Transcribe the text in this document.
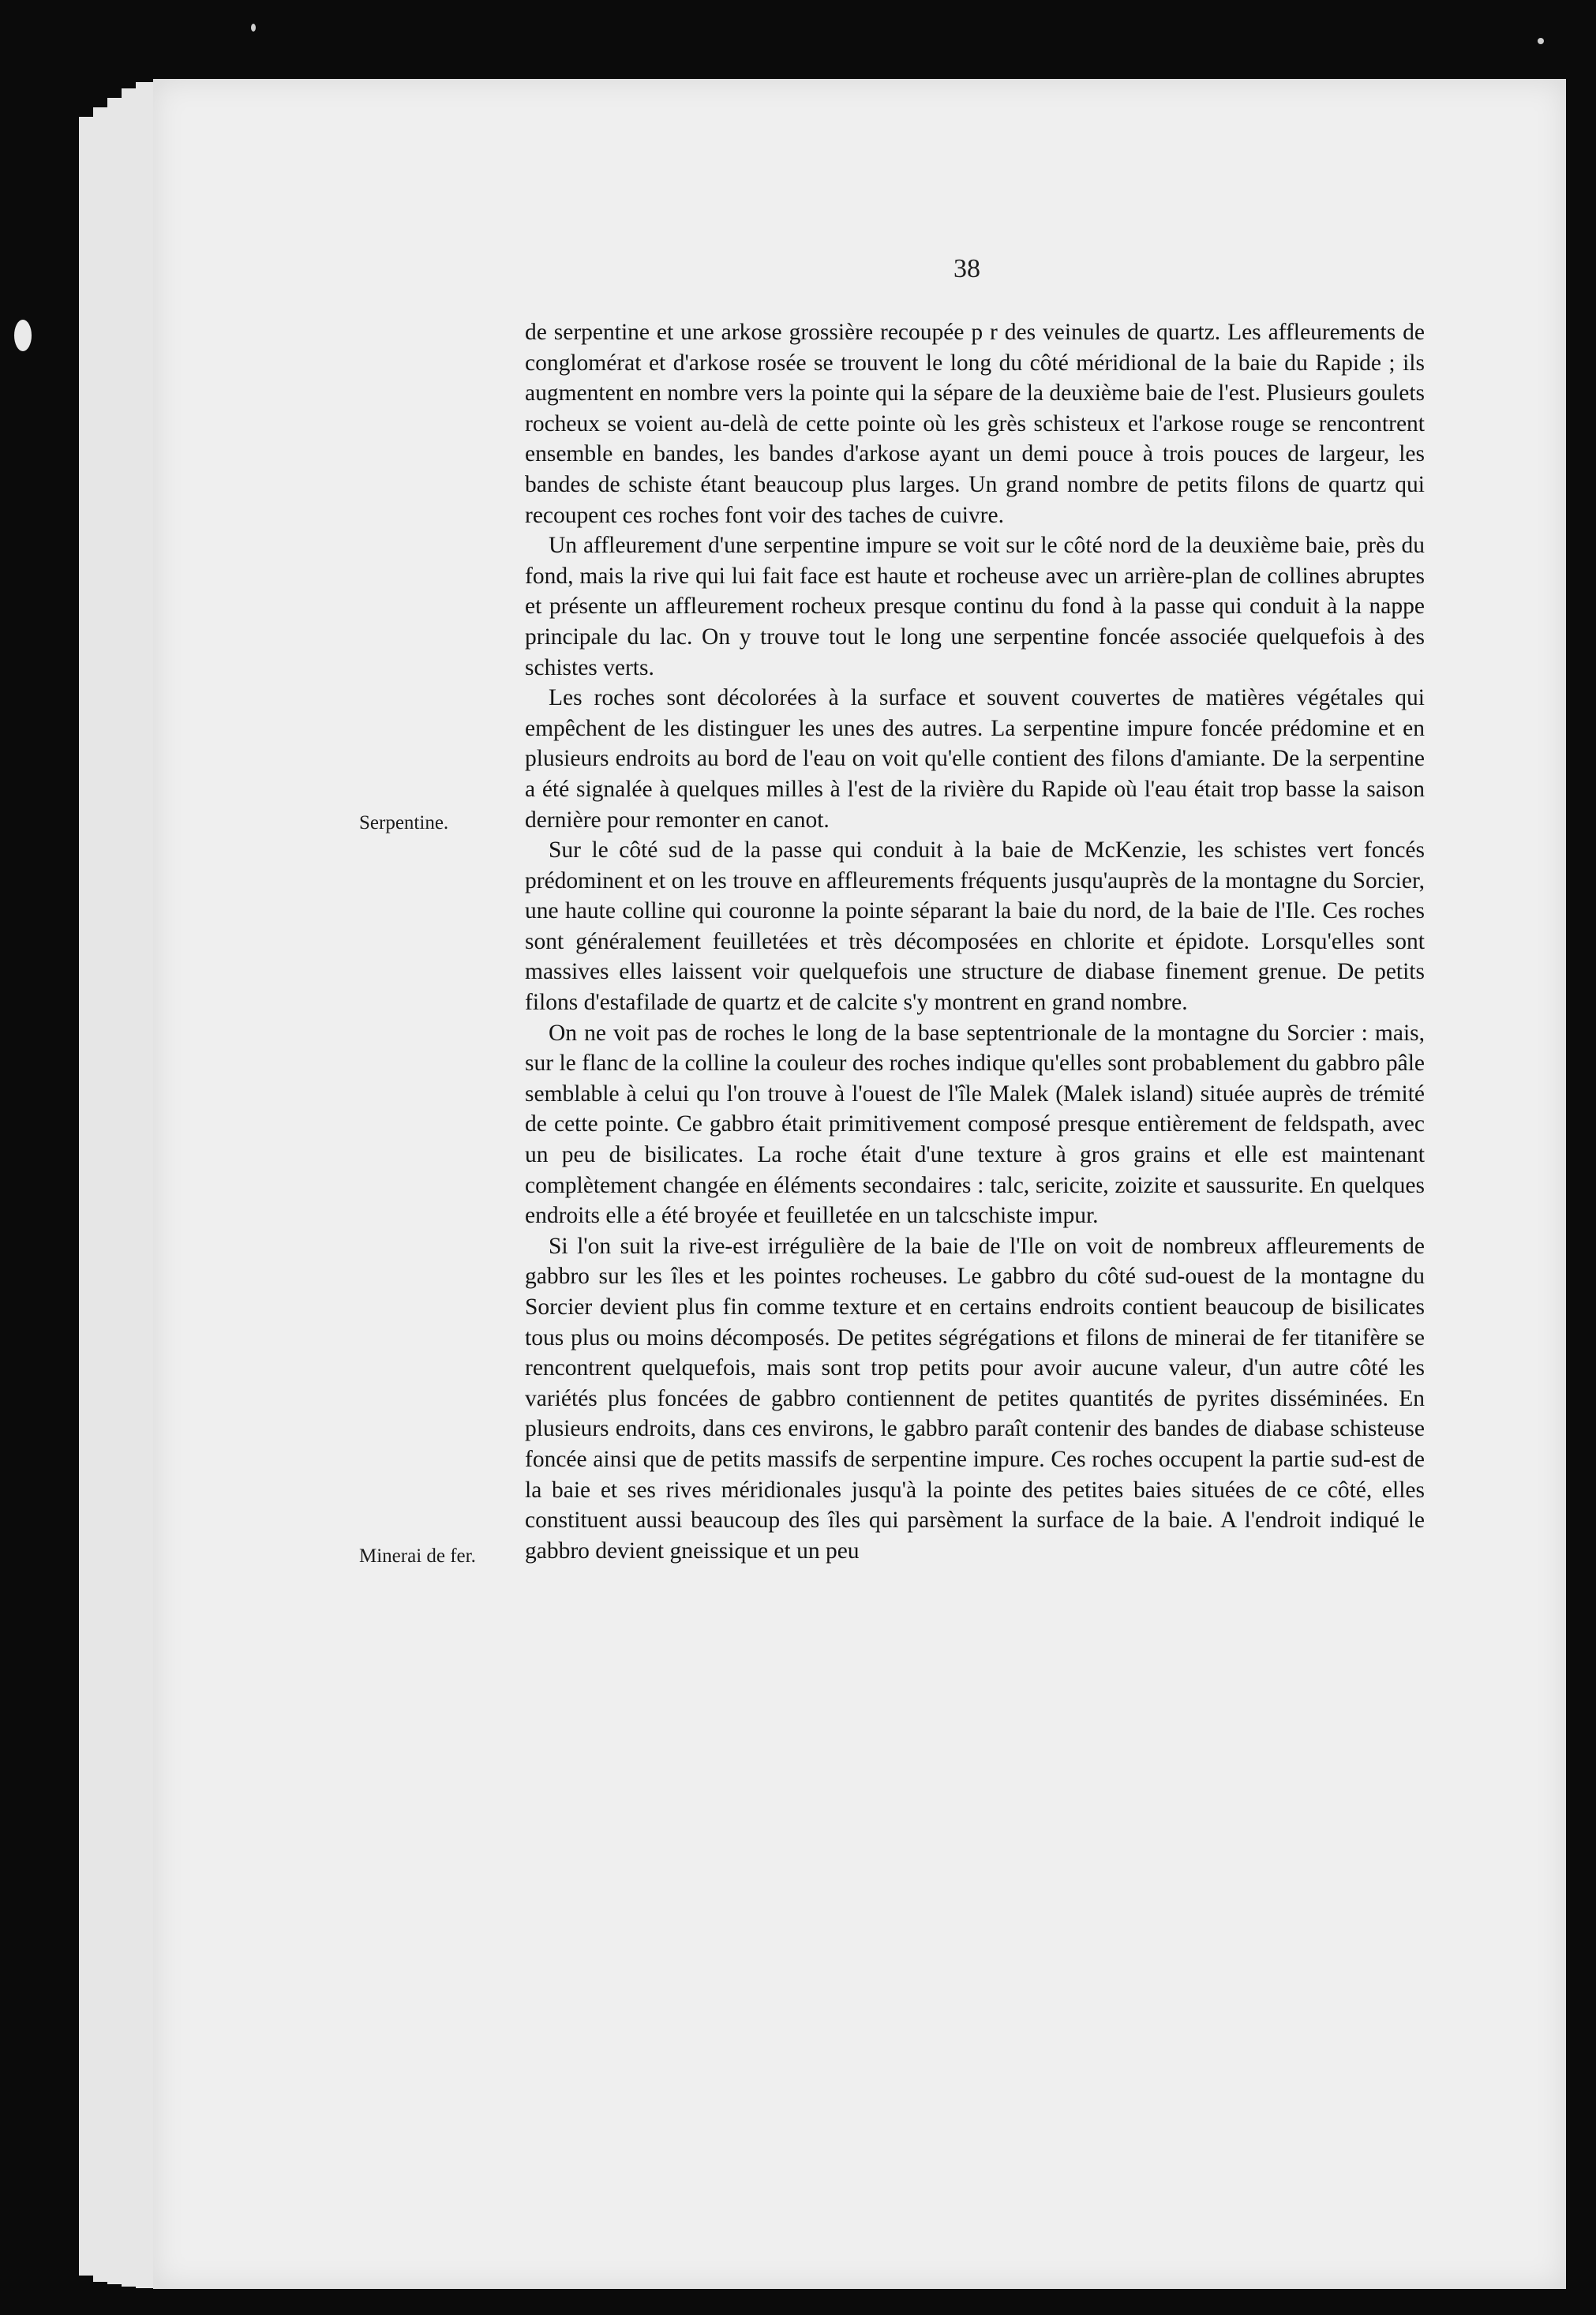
38
Serpentine.
Minerai de fer.

de serpentine et une arkose grossière recoupée p r des veinules de quartz. Les affleurements de conglomérat et d'arkose rosée se trouvent le long du côté méridional de la baie du Rapide ; ils augmentent en nombre vers la pointe qui la sépare de la deuxième baie de l'est. Plusieurs goulets rocheux se voient au-delà de cette pointe où les grès schisteux et l'arkose rouge se rencontrent ensemble en bandes, les bandes d'arkose ayant un demi pouce à trois pouces de largeur, les bandes de schiste étant beaucoup plus larges. Un grand nombre de petits filons de quartz qui recoupent ces roches font voir des taches de cuivre.

Un affleurement d'une serpentine impure se voit sur le côté nord de la deuxième baie, près du fond, mais la rive qui lui fait face est haute et rocheuse avec un arrière-plan de collines abruptes et présente un affleurement rocheux presque continu du fond à la passe qui conduit à la nappe principale du lac. On y trouve tout le long une serpentine foncée associée quelquefois à des schistes verts.

Les roches sont décolorées à la surface et souvent couvertes de matières végétales qui empêchent de les distinguer les unes des autres. La serpentine impure foncée prédomine et en plusieurs endroits au bord de l'eau on voit qu'elle contient des filons d'amiante. De la serpentine a été signalée à quelques milles à l'est de la rivière du Rapide où l'eau était trop basse la saison dernière pour remonter en canot.

Sur le côté sud de la passe qui conduit à la baie de McKenzie, les schistes vert foncés prédominent et on les trouve en affleurements fréquents jusqu'auprès de la montagne du Sorcier, une haute colline qui couronne la pointe séparant la baie du nord, de la baie de l'Ile. Ces roches sont généralement feuilletées et très décomposées en chlorite et épidote. Lorsqu'elles sont massives elles laissent voir quelquefois une structure de diabase finement grenue. De petits filons d'estafilade de quartz et de calcite s'y montrent en grand nombre.

On ne voit pas de roches le long de la base septentrionale de la montagne du Sorcier : mais, sur le flanc de la colline la couleur des roches indique qu'elles sont probablement du gabbro pâle semblable à celui qu l'on trouve à l'ouest de l'île Malek (Malek island) située auprès de trémité de cette pointe. Ce gabbro était primitivement composé presque entièrement de feldspath, avec un peu de bisilicates. La roche était d'une texture à gros grains et elle est maintenant complètement changée en éléments secondaires : talc, sericite, zoizite et saussurite. En quelques endroits elle a été broyée et feuilletée en un talcschiste impur.

Si l'on suit la rive-est irrégulière de la baie de l'Ile on voit de nombreux affleurements de gabbro sur les îles et les pointes rocheuses. Le gabbro du côté sud-ouest de la montagne du Sorcier devient plus fin comme texture et en certains endroits contient beaucoup de bisilicates tous plus ou moins décomposés. De petites ségrégations et filons de minerai de fer titanifère se rencontrent quelquefois, mais sont trop petits pour avoir aucune valeur, d'un autre côté les variétés plus foncées de gabbro contiennent de petites quantités de pyrites disséminées. En plusieurs endroits, dans ces environs, le gabbro paraît contenir des bandes de diabase schisteuse foncée ainsi que de petits massifs de serpentine impure. Ces roches occupent la partie sud-est de la baie et ses rives méridionales jusqu'à la pointe des petites baies situées de ce côté, elles constituent aussi beaucoup des îles qui parsèment la surface de la baie. A l'endroit indiqué le gabbro devient gneissique et un peu
